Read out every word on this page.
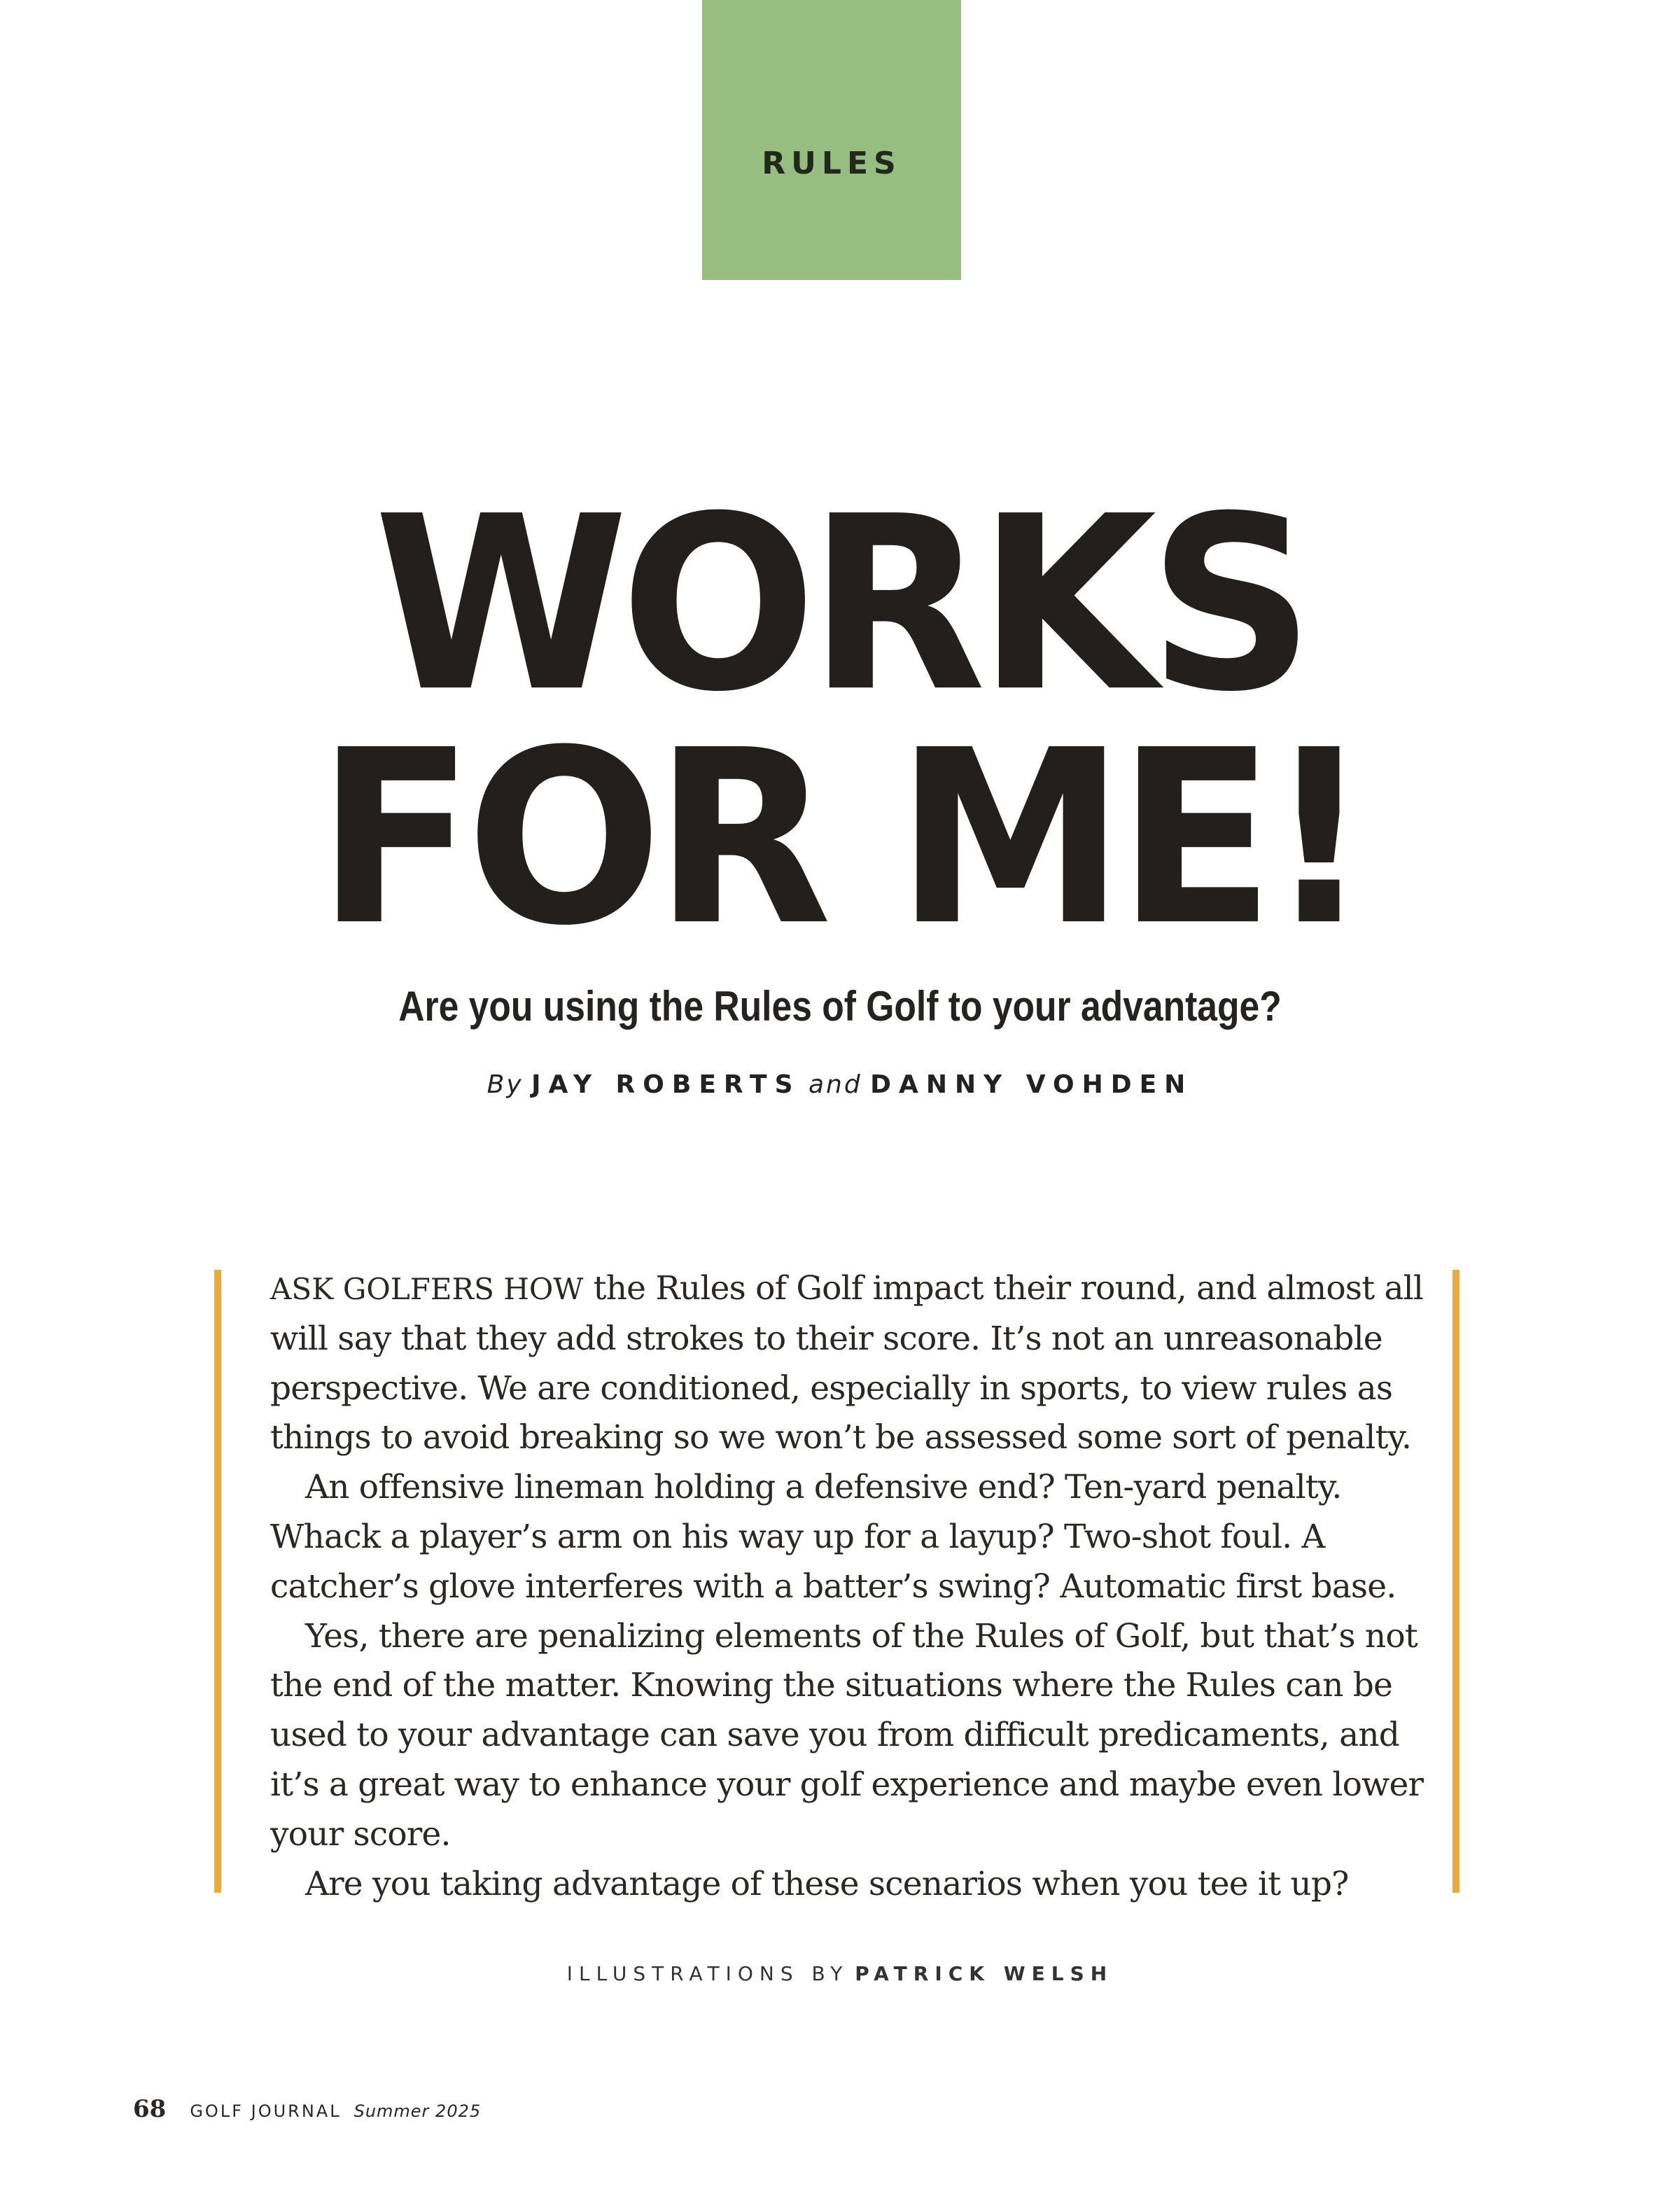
RULES
WORKS
FOR ME!
Are you using the Rules of Golf to your advantage?
By JAY ROBERTS and DANNY VOHDEN

ASK GOLFERS HOW the Rules of Golf impact their round, and almost all will say that they add strokes to their score. It’s not an unreasonable perspective. We are conditioned, especially in sports, to view rules as things to avoid breaking so we won’t be assessed some sort of penalty.

An offensive lineman holding a defensive end? Ten-yard penalty. Whack a player’s arm on his way up for a layup? Two-shot foul. A catcher’s glove interferes with a batter’s swing? Automatic first base.

Yes, there are penalizing elements of the Rules of Golf, but that’s not the end of the matter. Knowing the situations where the Rules can be used to your advantage can save you from difficult predicaments, and it’s a great way to enhance your golf experience and maybe even lower your score.

Are you taking advantage of these scenarios when you tee it up?

ILLUSTRATIONS BY PATRICK WELSH
68 GOLF JOURNAL Summer 2025
